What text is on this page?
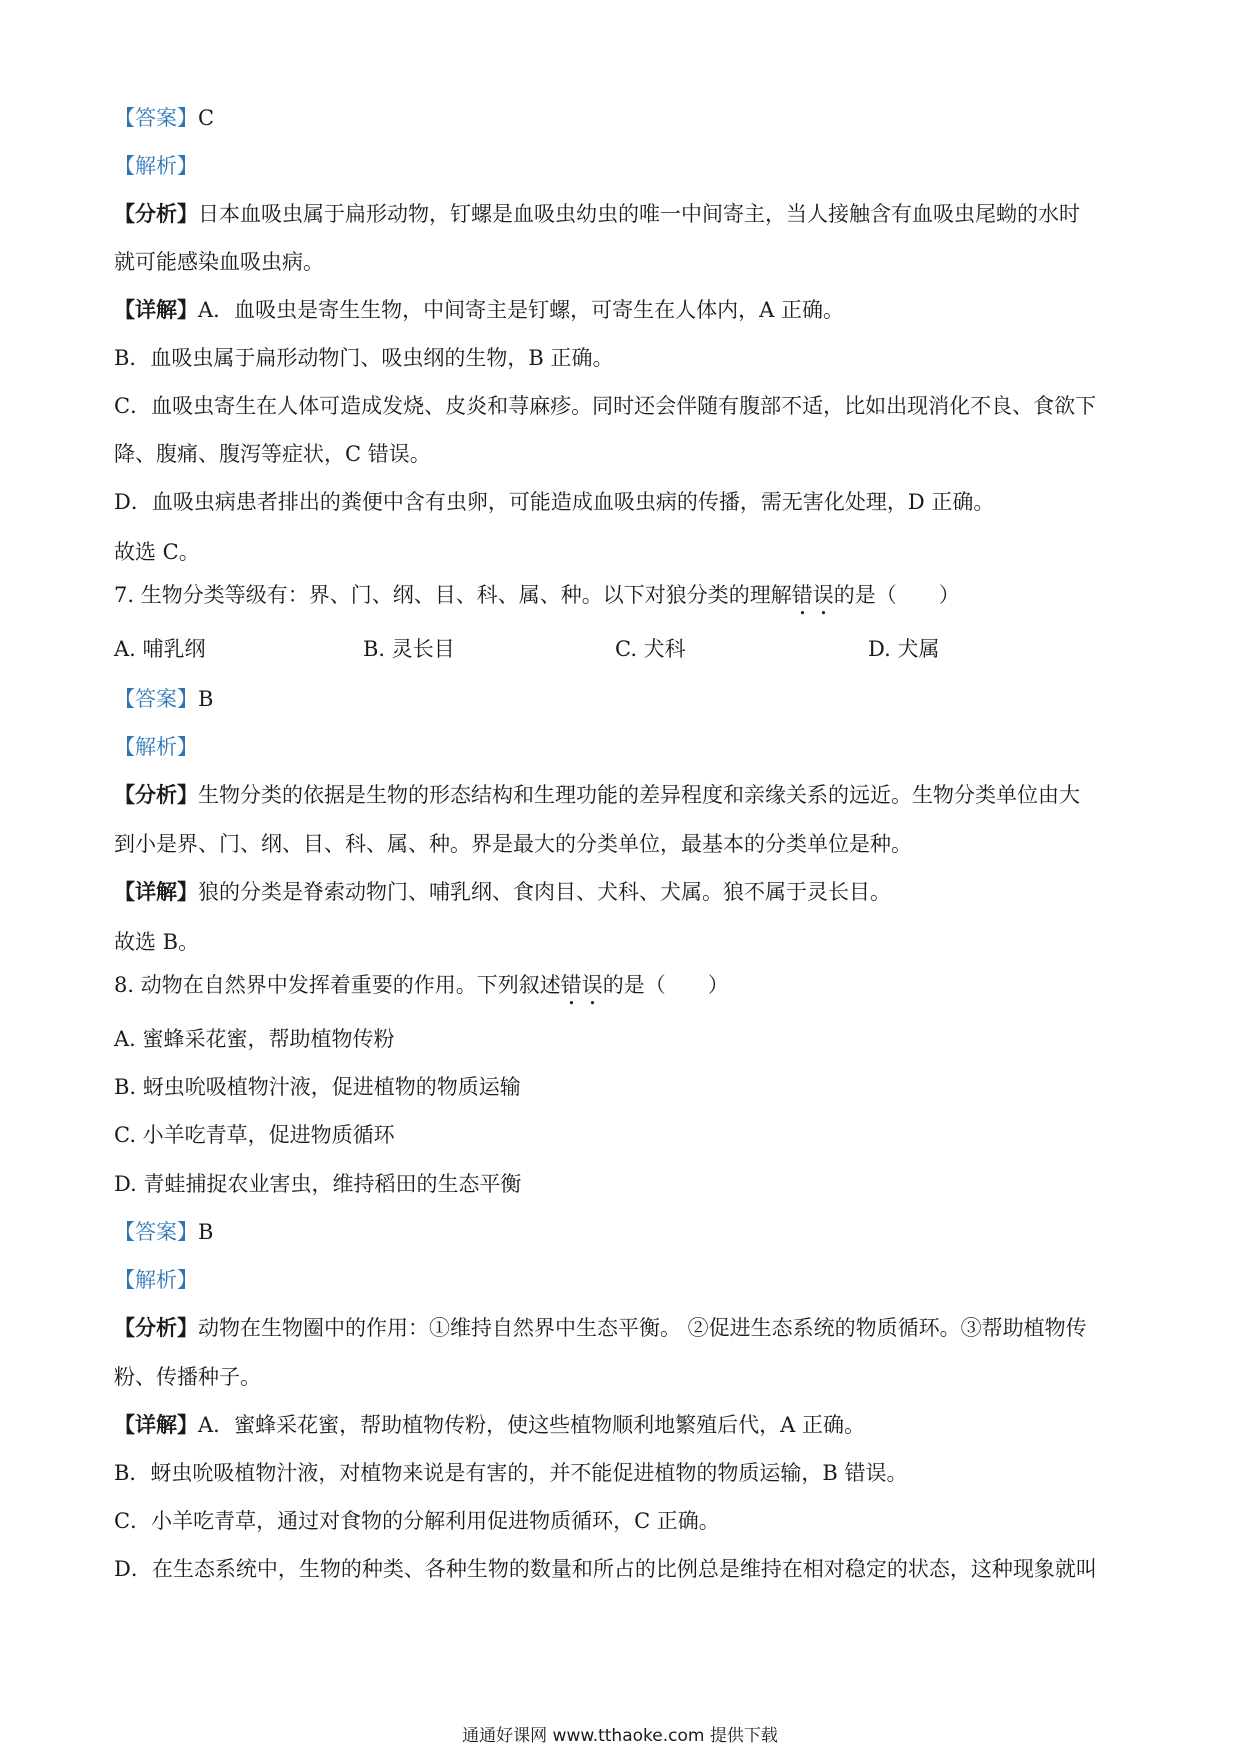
【答案】C
【解析】
【分析】日本血吸虫属于扁形动物，钉螺是血吸虫幼虫的唯一中间寄主，当人接触含有血吸虫尾蚴的水时
就可能感染血吸虫病。
【详解】A．血吸虫是寄生生物，中间寄主是钉螺，可寄生在人体内，A 正确。
B．血吸虫属于扁形动物门、吸虫纲的生物，B 正确。
C．血吸虫寄生在人体可造成发烧、皮炎和荨麻疹。同时还会伴随有腹部不适，比如出现消化不良、食欲下
降、腹痛、腹泻等症状，C 错误。
D．血吸虫病患者排出的粪便中含有虫卵，可能造成血吸虫病的传播，需无害化处理，D 正确。
故选 C。
7. 生物分类等级有：界、门、纲、目、科、属、种。以下对狼分类的理解错误的是（　　）
A. 哺乳纲	B. 灵长目	C. 犬科	D. 犬属
【答案】B
【解析】
【分析】生物分类的依据是生物的形态结构和生理功能的差异程度和亲缘关系的远近。生物分类单位由大
到小是界、门、纲、目、科、属、种。界是最大的分类单位，最基本的分类单位是种。
【详解】狼的分类是脊索动物门、哺乳纲、食肉目、犬科、犬属。狼不属于灵长目。
故选 B。
8. 动物在自然界中发挥着重要的作用。下列叙述错误的是（　　）
A. 蜜蜂采花蜜，帮助植物传粉
B. 蚜虫吮吸植物汁液，促进植物的物质运输
C. 小羊吃青草，促进物质循环
D. 青蛙捕捉农业害虫，维持稻田的生态平衡
【答案】B
【解析】
【分析】动物在生物圈中的作用：①维持自然界中生态平衡。 ②促进生态系统的物质循环。③帮助植物传
粉、传播种子。
【详解】A．蜜蜂采花蜜，帮助植物传粉，使这些植物顺利地繁殖后代，A 正确。
B．蚜虫吮吸植物汁液，对植物来说是有害的，并不能促进植物的物质运输，B 错误。
C．小羊吃青草，通过对食物的分解利用促进物质循环，C 正确。
D．在生态系统中，生物的种类、各种生物的数量和所占的比例总是维持在相对稳定的状态，这种现象就叫
通通好课网 www.tthaoke.com 提供下载
